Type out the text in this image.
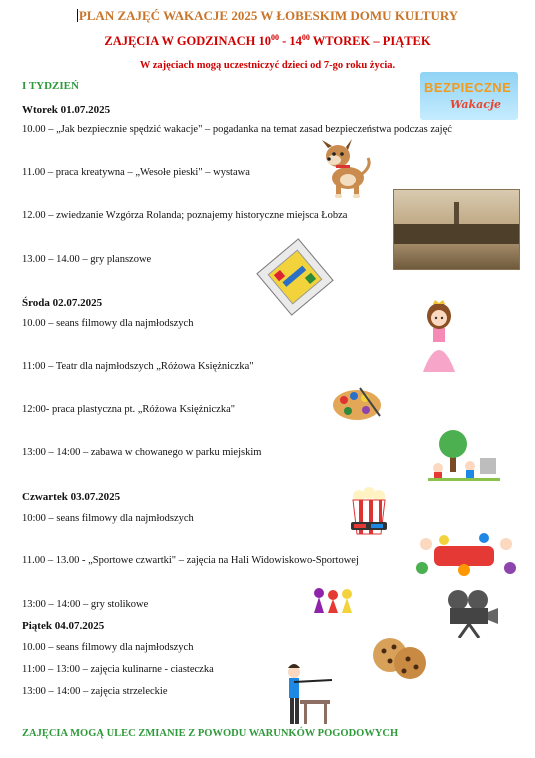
PLAN ZAJĘĆ WAKACJE 2025 W ŁOBESKIM DOMU KULTURY
ZAJĘCIA W GODZINACH $10^{00} - 14^{00}$ WTOREK – PIĄTEK
W zajęciach mogą uczestniczyć dzieci od 7-go roku życia.
I TYDZIEŃ	BEZPIECZNE
Wakacje
Wtorek 01.07.2025
10.00 – „Jak bezpiecznie spędzić wakacje" – pogadanka na temat zasad bezpieczeństwa podczas zajęć
11.00 – praca kreatywna – „Wesołe pieski" – wystawa
12.00 – zwiedzanie Wzgórza Rolanda; poznajemy historyczne miejsca Łobza
13.00 – 14.00 – gry planszowe
Środa 02.07.2025
10.00 – seans filmowy dla najmłodszych
11:00 – Teatr dla najmłodszych „Różowa Księżniczka"
12:00- praca plastyczna pt. „Różowa Księżniczka"
13:00 – 14:00 – zabawa w chowanego w parku miejskim
Czwartek 03.07.2025
10:00 – seans filmowy dla najmłodszych
11.00 – 13.00 - „Sportowe czwartki" – zajęcia na Hali Widowiskowo-Sportowej
13:00 – 14:00 – gry stolikowe
Piątek 04.07.2025
10.00 – seans filmowy dla najmłodszych
11:00 – 13:00 – zajęcia kulinarne - ciasteczka
13:00 – 14:00 – zajęcia strzeleckie
ZAJĘCIA MOGĄ ULEC ZMIANIE Z POWODU WARUNKÓW POGODOWYCH
